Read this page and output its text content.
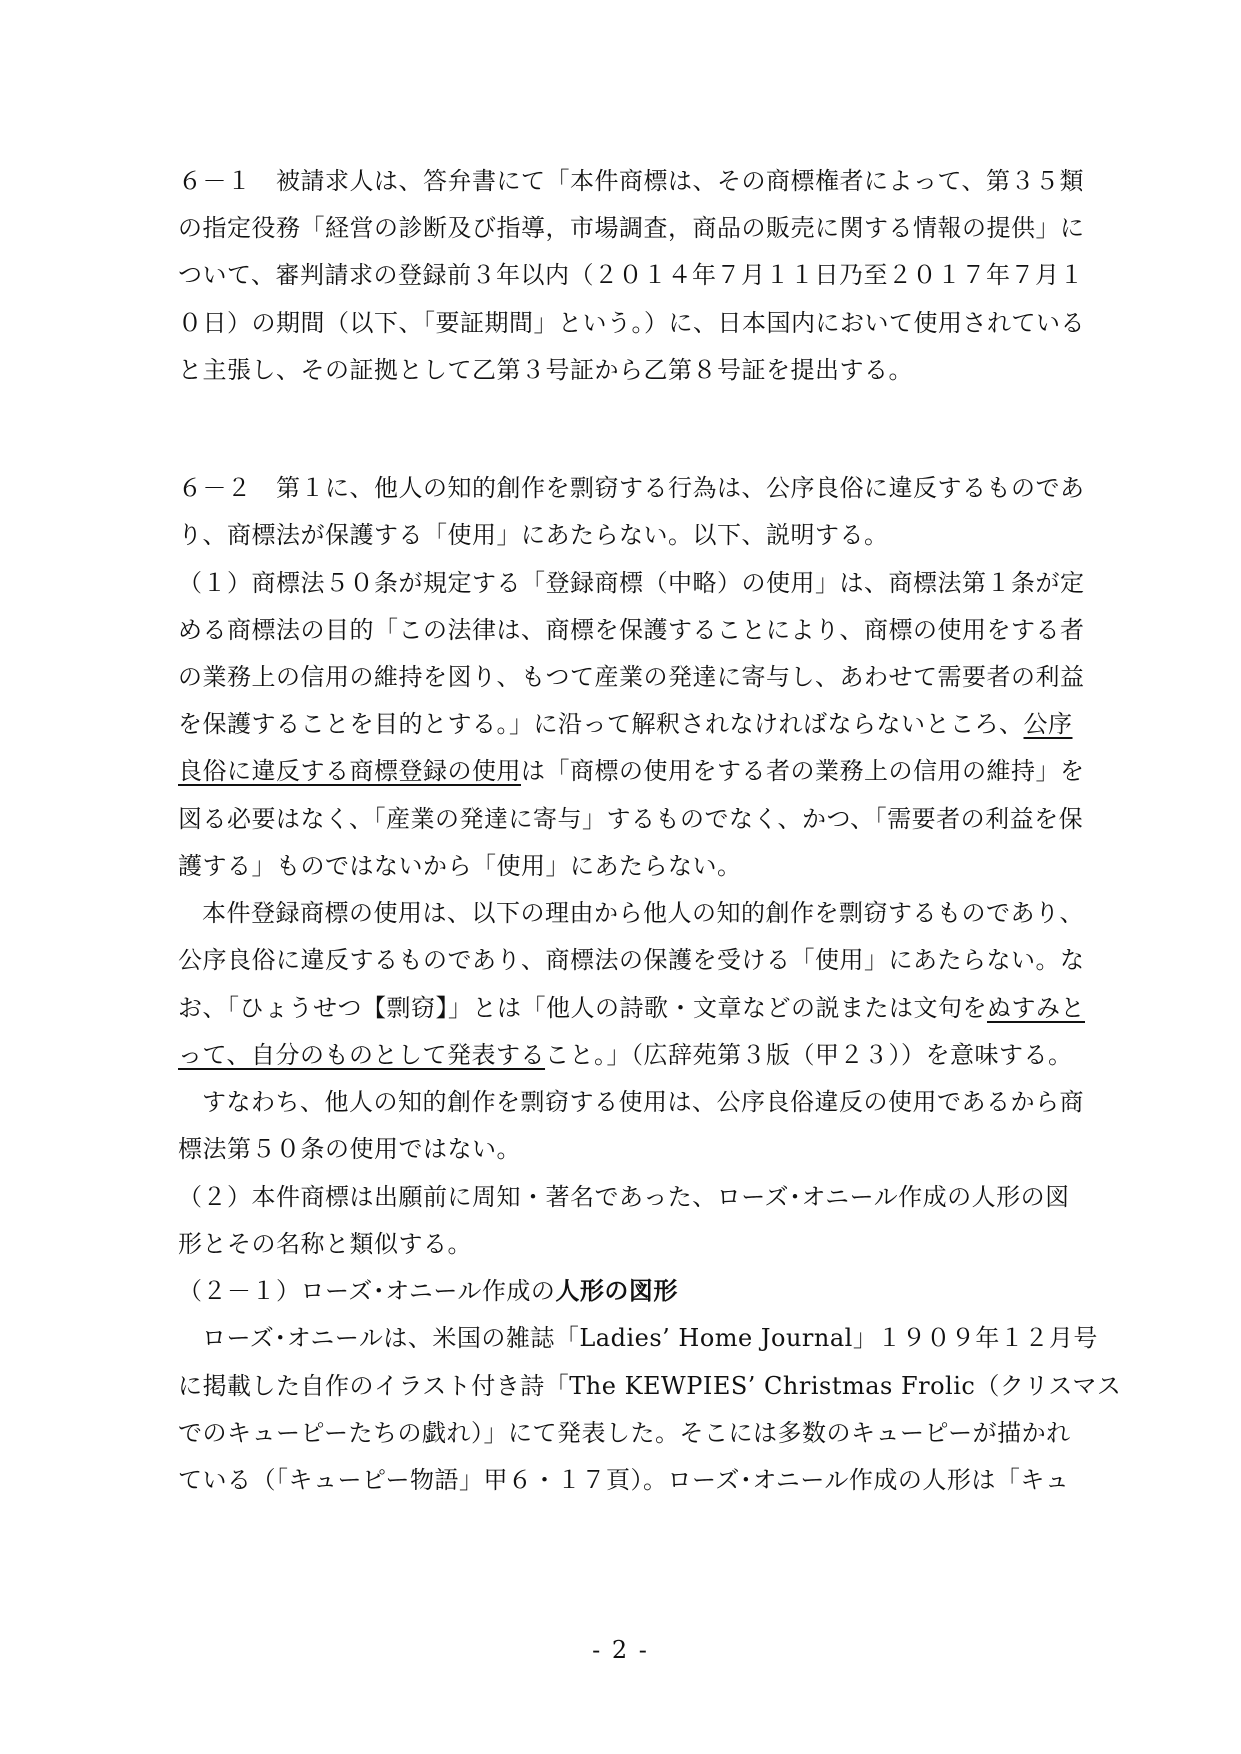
６－１　被請求人は、答弁書にて「本件商標は、その商標権者によって、第３５類
の指定役務「経営の診断及び指導，市場調査，商品の販売に関する情報の提供」に
ついて、審判請求の登録前３年以内（２０１４年７月１１日乃至２０１７年７月１
０日）の期間（以下、「要証期間」という。）に、日本国内において使用されている
と主張し、その証拠として乙第３号証から乙第８号証を提出する。
６－２　第１に、他人の知的創作を剽窃する行為は、公序良俗に違反するものであ
り、商標法が保護する「使用」にあたらない。以下、説明する。
（１）商標法５０条が規定する「登録商標（中略）の使用」は、商標法第１条が定
める商標法の目的「この法律は、商標を保護することにより、商標の使用をする者
の業務上の信用の維持を図り、もつて産業の発達に寄与し、あわせて需要者の利益
を保護することを目的とする。」に沿って解釈されなければならないところ、公序
良俗に違反する商標登録の使用は「商標の使用をする者の業務上の信用の維持」を
図る必要はなく、「産業の発達に寄与」するものでなく、かつ、「需要者の利益を保
護する」ものではないから「使用」にあたらない。
本件登録商標の使用は、以下の理由から他人の知的創作を剽窃するものであり、
公序良俗に違反するものであり、商標法の保護を受ける「使用」にあたらない。な
お、「ひょうせつ【剽窃】」とは「他人の詩歌・文章などの説または文句をぬすみと
って、自分のものとして発表すること。」（広辞苑第３版（甲２３））を意味する。
すなわち、他人の知的創作を剽窃する使用は、公序良俗違反の使用であるから商
標法第５０条の使用ではない。
（２）本件商標は出願前に周知・著名であった、ローズ･オニール作成の人形の図
形とその名称と類似する。
（２－１）ローズ･オニール作成の人形の図形
ローズ･オニールは、米国の雑誌「Ladies’ Home Journal」１９０９年１２月号
に掲載した自作のイラスト付き詩「The KEWPIES’ Christmas Frolic（クリスマス
でのキューピーたちの戯れ）」にて発表した。そこには多数のキューピーが描かれ
ている（「キューピー物語」甲６・１７頁）。ローズ･オニール作成の人形は「キュ
- 2 -
